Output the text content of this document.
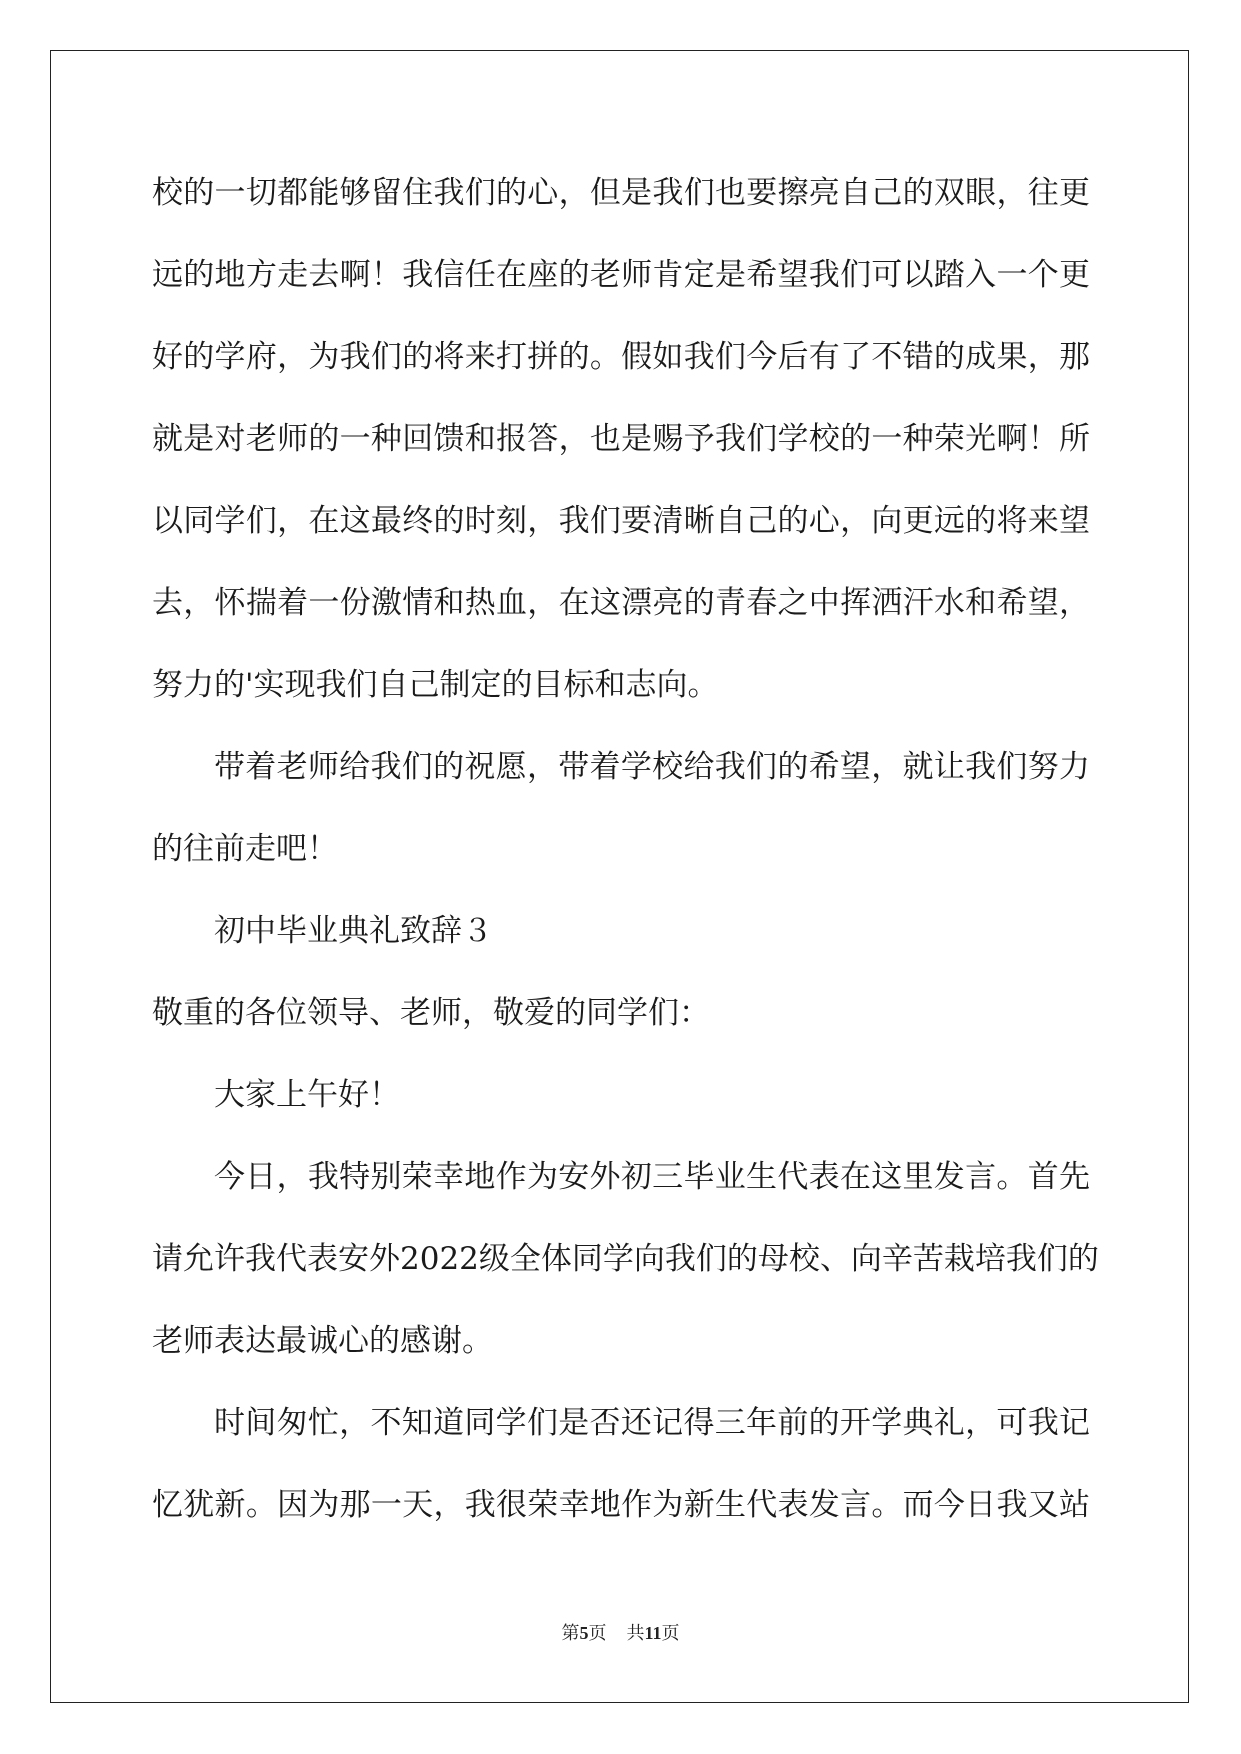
校的一切都能够留住我们的心，但是我们也要擦亮自己的双眼，往更
远的地方走去啊！我信任在座的老师肯定是希望我们可以踏入一个更
好的学府，为我们的将来打拼的。假如我们今后有了不错的成果，那
就是对老师的一种回馈和报答，也是赐予我们学校的一种荣光啊！所
以同学们，在这最终的时刻，我们要清晰自己的心，向更远的将来望
去，怀揣着一份激情和热血，在这漂亮的青春之中挥洒汗水和希望，
努力的'实现我们自己制定的目标和志向。
带着老师给我们的祝愿，带着学校给我们的希望，就让我们努力
的往前走吧！
初中毕业典礼致辞３
敬重的各位领导、老师，敬爱的同学们：
大家上午好！
今日，我特别荣幸地作为安外初三毕业生代表在这里发言。首先
请允许我代表安外2022级全体同学向我们的母校、向辛苦栽培我们的
老师表达最诚心的感谢。
时间匆忙，不知道同学们是否还记得三年前的开学典礼，可我记
忆犹新。因为那一天，我很荣幸地作为新生代表发言。而今日我又站
第5页 共11页
